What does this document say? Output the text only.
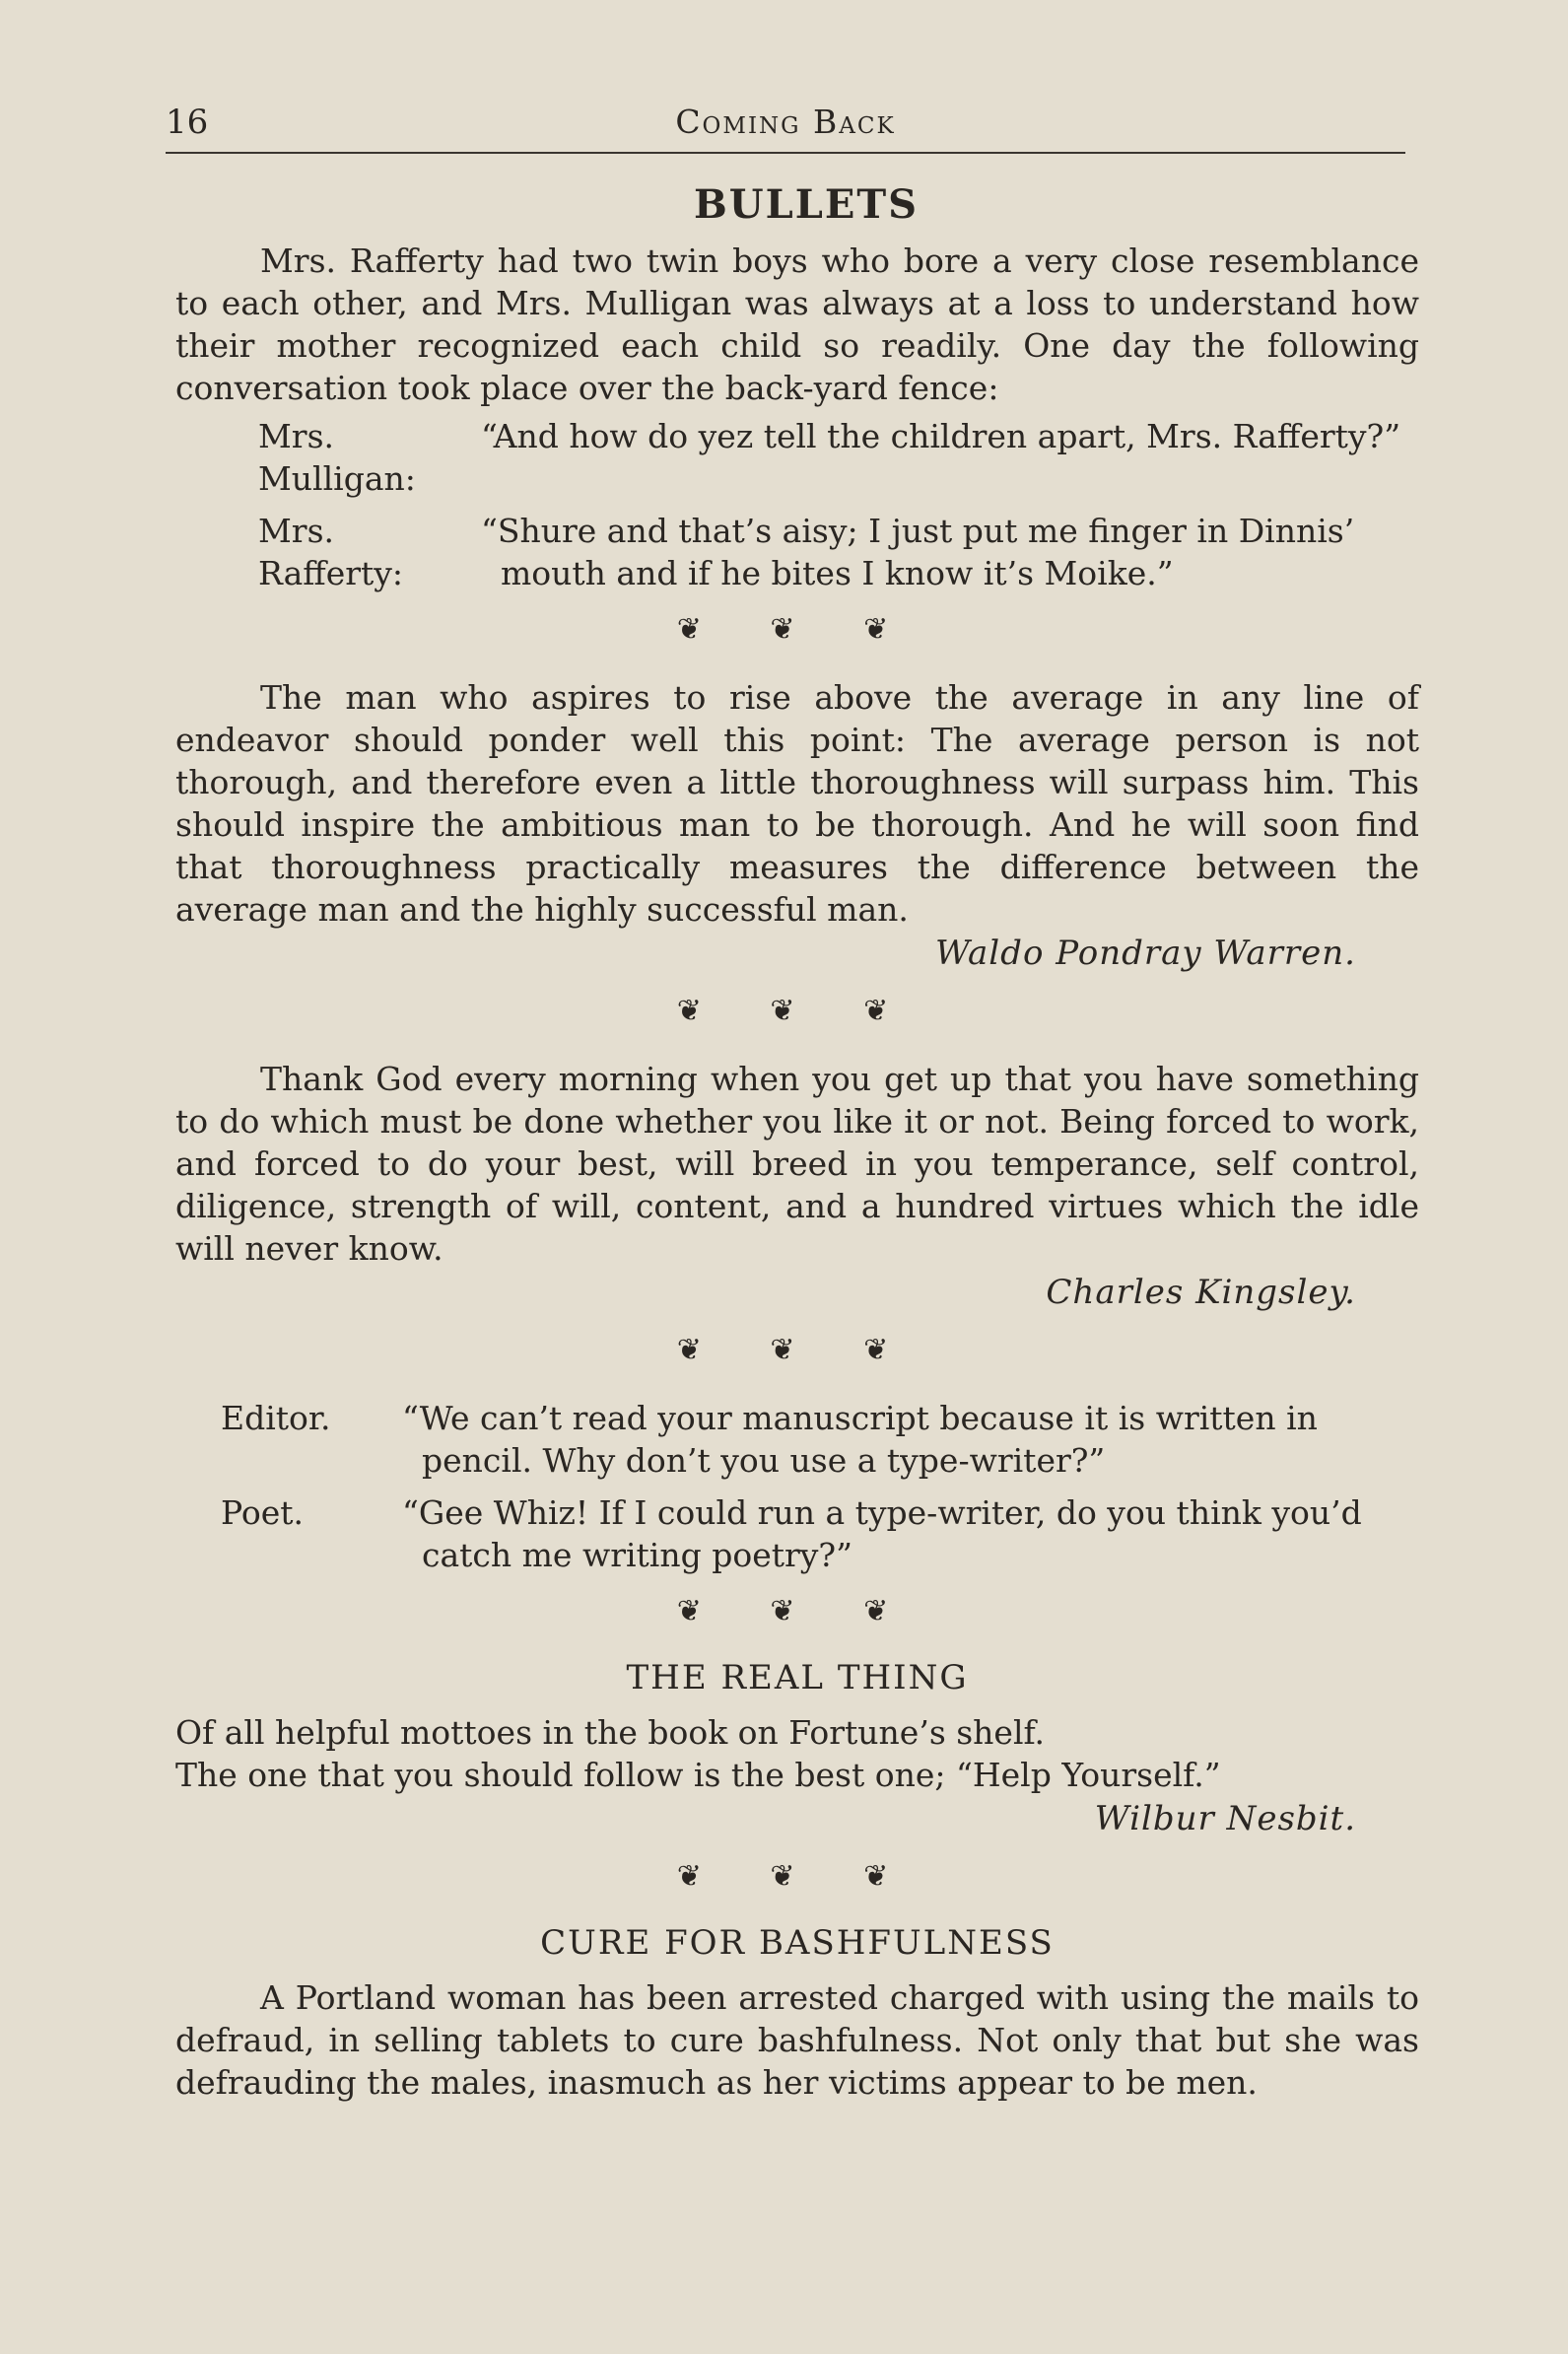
16	Coming Back
BULLETS

Mrs. Rafferty had two twin boys who bore a very close resemblance to each other, and Mrs. Mulligan was always at a loss to understand how their mother recognized each child so readily. One day the following conversation took place over the back-yard fence:

Mrs. Mulligan:
“And how do yez tell the children apart, Mrs. Rafferty?”
Mrs. Rafferty:
“Shure and that’s aisy; I just put me finger in Dinnis’ mouth and if he bites I know it’s Moike.”
❦ ❦ ❦

The man who aspires to rise above the average in any line of endeavor should ponder well this point: The average person is not thorough, and therefore even a little thoroughness will surpass him. This should inspire the ambitious man to be thorough. And he will soon find that thoroughness practically measures the difference between the average man and the highly successful man.

Waldo Pondray Warren.
❦ ❦ ❦

Thank God every morning when you get up that you have something to do which must be done whether you like it or not. Being forced to work, and forced to do your best, will breed in you temperance, self control, diligence, strength of will, content, and a hundred virtues which the idle will never know.

Charles Kingsley.
❦ ❦ ❦
Editor.	“We can’t read your manuscript because it is written in pencil. Why don’t you use a type-writer?”
Poet.	“Gee Whiz! If I could run a type-writer, do you think you’d catch me writing poetry?”
❦ ❦ ❦
THE REAL THING
Of all helpful mottoes in the book on Fortune’s shelf.
The one that you should follow is the best one; “Help Yourself.”
Wilbur Nesbit.
❦ ❦ ❦
CURE FOR BASHFULNESS

A Portland woman has been arrested charged with using the mails to defraud, in selling tablets to cure bashfulness. Not only that but she was defrauding the males, inasmuch as her victims appear to be men.
